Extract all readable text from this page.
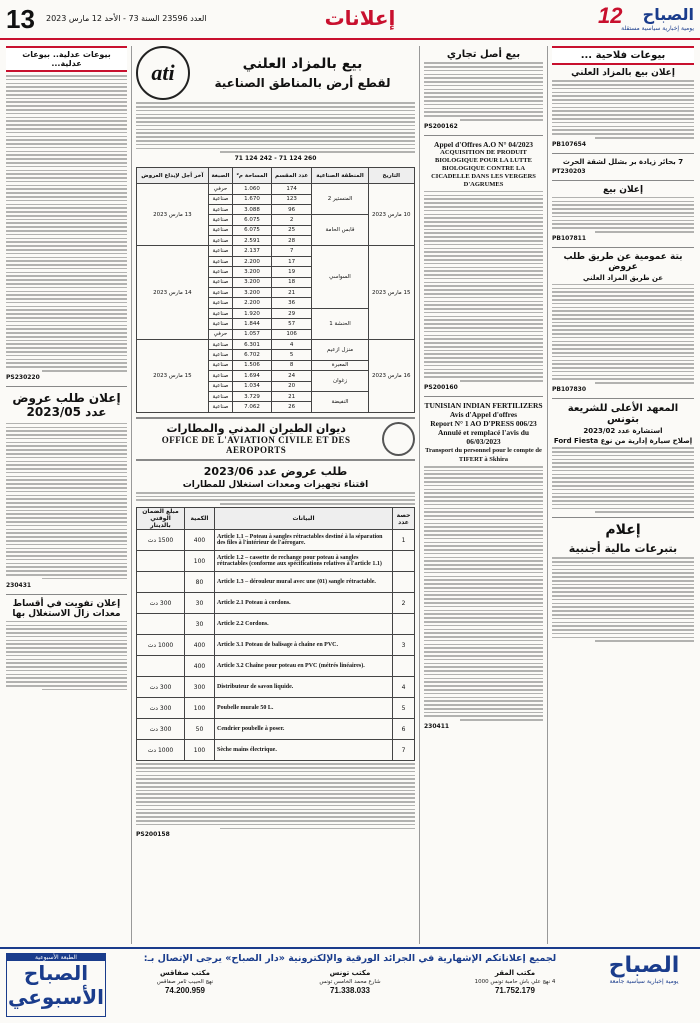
13 العدد 23596 السنة 73 - الأحد 12 مارس 2023	إعلانات	12 الصباح
يومية إخبارية سياسية مستقلة
بيوعات فلاحية ...
إعلان بيع بالمزاد العلني
PB107654
7 بحائر زيادة بر بشلل لشقة الحرث
PT230203
إعلان بيع
PB107811
بتة عمومية عن طريق طلب عروض
عن طريق المزاد العلني
PB107830
المعهد الأعلى للشريعة بتونس
استشارة عدد 2023/02
إصلاح سيارة إدارية من نوع Ford Fiesta
إعلام
بتبرعات مالية أجنبية
بيع أصل تجاري
PS200162
Appel d'Offres A.O N° 04/2023
ACQUISITION DE PRODUIT BIOLOGIQUE POUR LA LUTTE BIOLOGIQUE CONTRE LA CICADELLE DANS LES VERGERS D'AGRUMES
PS200160
TUNISIAN INDIAN FERTILIZERS
Avis d'Appel d'offres
Report N° 1 AO D'PRESS 006/23
Annulé et remplacé l'avis du 06/03/2023
Transport du personnel pour le compte de TIFERT à Skhira
230411
بيع بالمزاد العلني
لقطع أرض بالمناطق الصناعية
ati
71 124 242 - 71 124 260
التاريخ	المنطقة الصناعية	عدد المقسم	المساحة م²	الصبغة	آخر أجل لإيداع العروض
10 مارس 2023	المنستير 2	174	1.060	حرفي	13 مارس 2023
		123	1.670	صناعية	
		96	3.088	صناعية	
	قابس الحامة	2	6.075	صناعية	
		25	6.075	صناعية	
		28	2.591	صناعية	
15 مارس 2023	السواسي	7	2.137	صناعية	14 مارس 2023
		17	2.200	صناعية	
		19	3.200	صناعية	
		18	3.200	صناعية	
		21	3.200	صناعية	
		36	2.200	صناعية	
	الحنشة 1	29	1.920	صناعية	
		57	1.844	صناعية	
		106	1.057	حرفي	
16 مارس 2023	منزل ازعيم	4	6.301	صناعية	15 مارس 2023
		5	6.702	صناعية	
	المعبرة	8	1.506	صناعية	
	زغوان	24	1.694	صناعية	
		20	1.034	صناعية	
	النفيضة	21	3.729	صناعية	
		26	7.062	صناعية	
ديوان الطيران المدني والمطارات
OFFICE DE L'AVIATION CIVILE ET DES AEROPORTS
طلب عروض عدد 2023/06
اقتناء تجهيزات ومعدات استغلال للمطارات
حصة عدد	البيانات	الكمية	مبلغ الضمان الوقتي بالدينار
1	Article 1.1 – Poteau à sangles rétractables destiné à la séparation des files à l'intérieur de l'aérogare.	400	1500 دت
	Article 1.2 – cassette de rechange pour poteau à sangles rétractables (conforme aux spécifications relatives à l'article 1.1)	100	
	Article 1.3 – dérouleur mural avec une (01) sangle rétractable.	80	
2	Article 2.1 Poteau à cordons.	30	300 دت
	Article 2.2 Cordons.	30	
3	Article 3.1 Poteau de balisage à chaîne en PVC.	400	1000 دت
	Article 3.2 Chaîne pour poteau en PVC (métrés linéaires).	400	
4	Distributeur de savon liquide.	300	300 دت
5	Poubelle murale 50 L.	100	300 دت
6	Cendrier poubelle à poser.	50	300 دت
7	Sèche mains électrique.	100	1000 دت
PS200158
بيوعات عدلية.. بيوعات عدلية...
PS230220
إعلان طلب عروض عدد 2023/05
230431
إعلان تفويت في أقساط معدات زال الاستغلال بها
لجميع إعلاناتكم الإشهارية في الجرائد الورقية والإلكترونية «دار الصباح» يرجى الإتصال بـ:	الصباح
يومية إخبارية سياسية جامعة
مكتب المقر
4 نهج علي باش حامبة تونس 1000
71.752.179
مكتب تونس
شارع محمد الخامس تونس
71.338.033
مكتب صفاقس
نهج الحبيب ثامر صفاقس
74.200.959
الطبعة الأسبوعية
الصباح الأسبوعي
